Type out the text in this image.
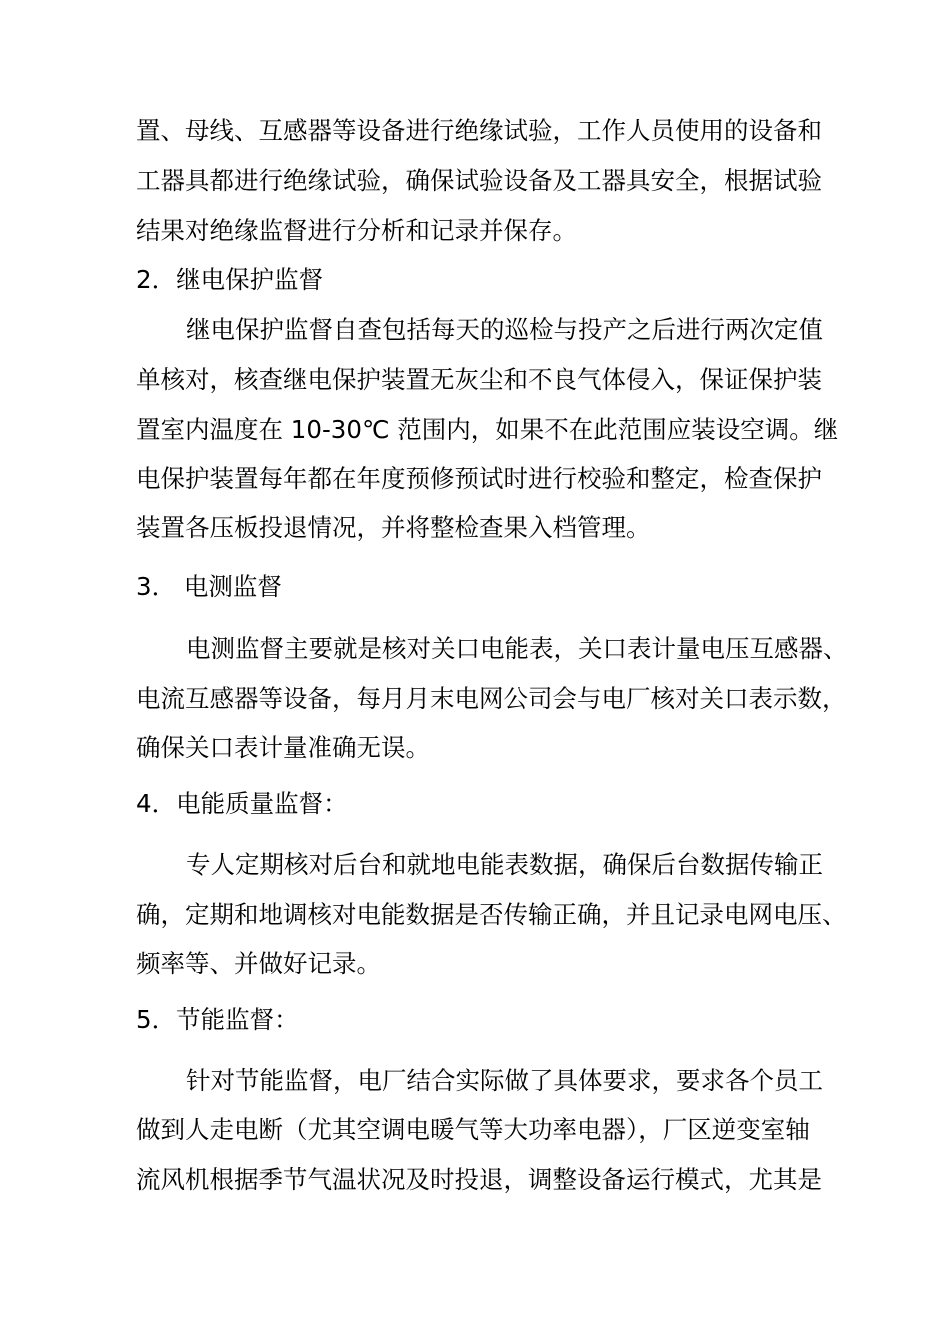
置、母线、互感器等设备进行绝缘试验，工作人员使用的设备和

工器具都进行绝缘试验，确保试验设备及工器具安全，根据试验

结果对绝缘监督进行分析和记录并保存。

2．继电保护监督

继电保护监督自查包括每天的巡检与投产之后进行两次定值

单核对，核查继电保护装置无灰尘和不良气体侵入，保证保护装

置室内温度在 10-30℃ 范围内，如果不在此范围应装设空调。继

电保护装置每年都在年度预修预试时进行校验和整定，检查保护

装置各压板投退情况，并将整检查果入档管理。

3． 电测监督

电测监督主要就是核对关口电能表，关口表计量电压互感器、

电流互感器等设备，每月月末电网公司会与电厂核对关口表示数，

确保关口表计量准确无误。

4．电能质量监督：

专人定期核对后台和就地电能表数据，确保后台数据传输正

确，定期和地调核对电能数据是否传输正确，并且记录电网电压、

频率等、并做好记录。

5．节能监督：

针对节能监督，电厂结合实际做了具体要求，要求各个员工

做到人走电断（尤其空调电暖气等大功率电器），厂区逆变室轴

流风机根据季节气温状况及时投退，调整设备运行模式，尤其是
